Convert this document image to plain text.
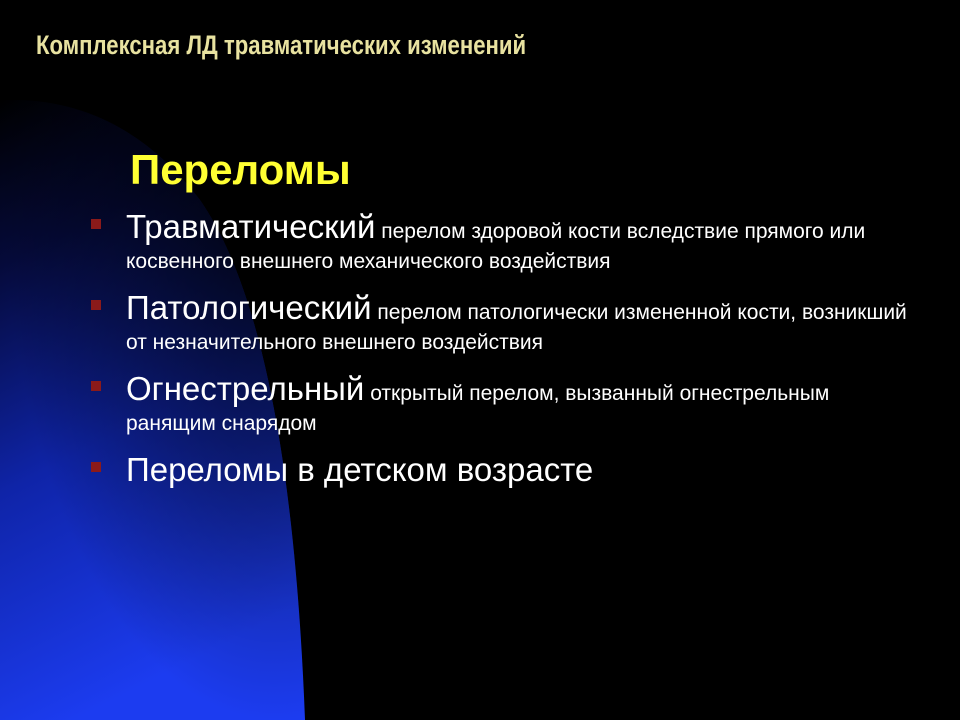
Комплексная ЛД травматических изменений
Переломы
Травматический перелом здоровой кости вследствие прямого или косвенного внешнего механического воздействия
Патологический перелом патологически измененной кости, возникший от незначительного внешнего воздействия
Огнестрельный открытый перелом, вызванный огнестрельным ранящим снарядом
Переломы в детском возрасте
